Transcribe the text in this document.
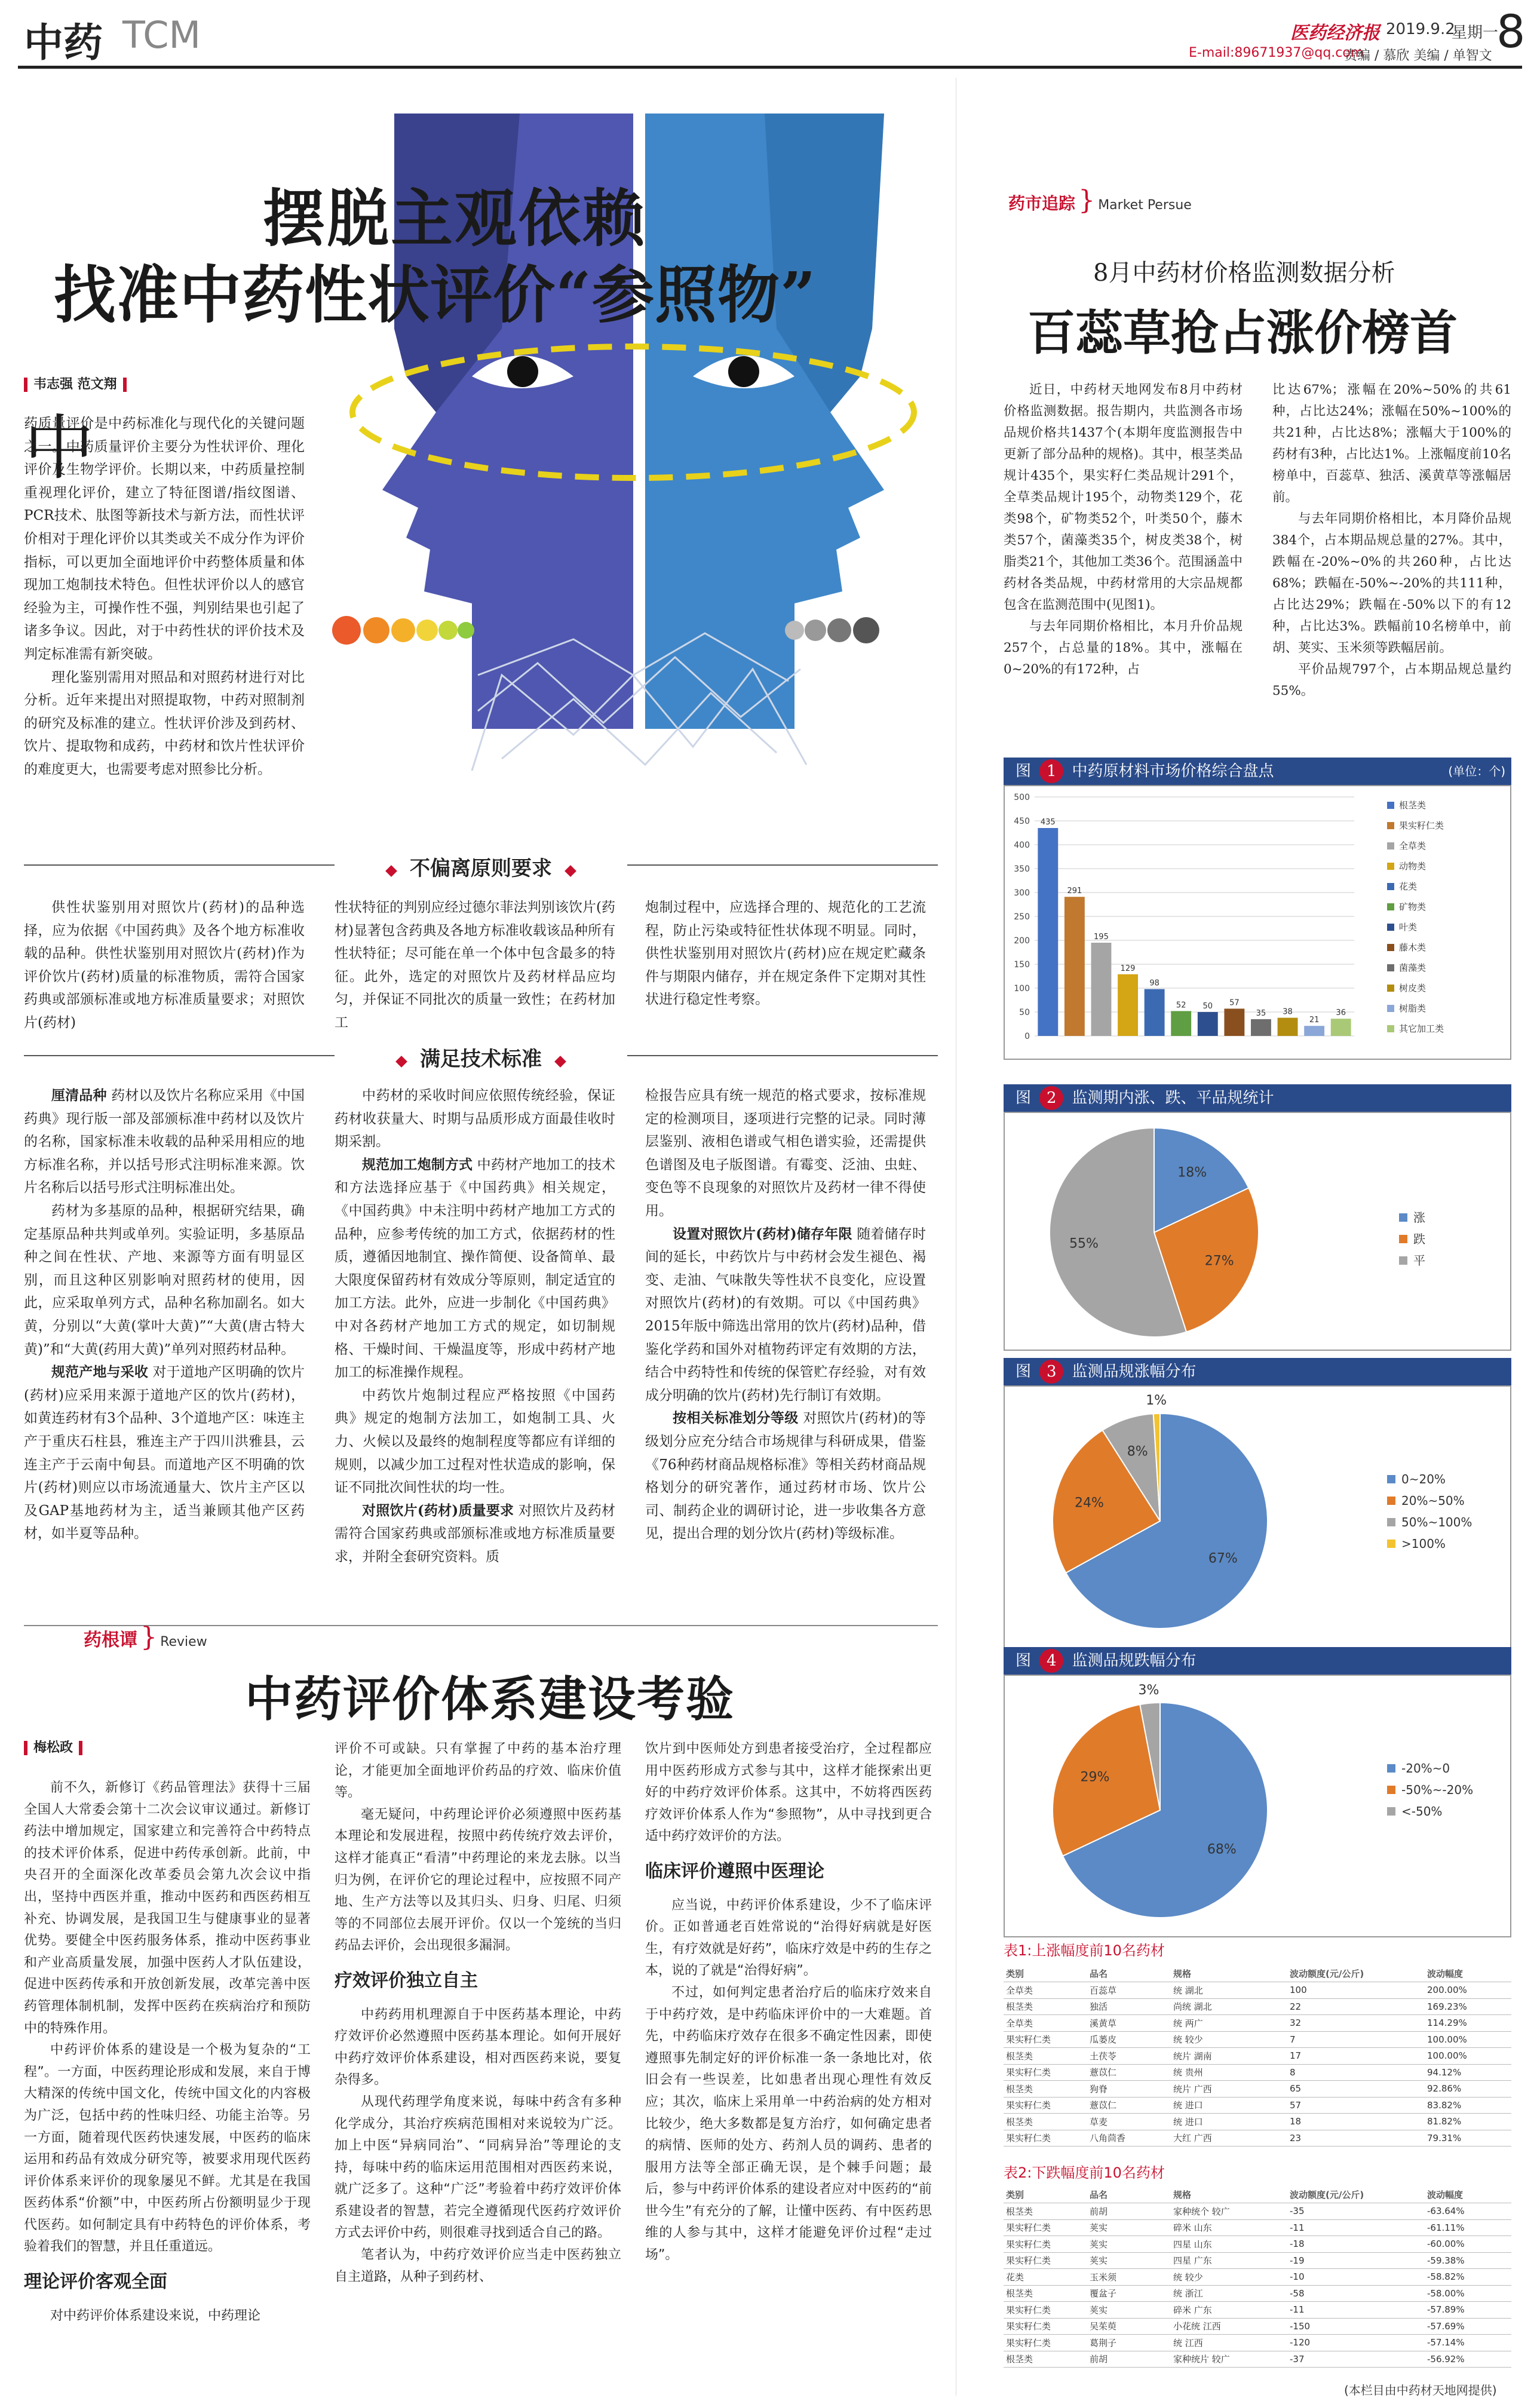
中药 TCM	医药经济报 2019.9.2
星期一
8
E-mail:89671937@qq.com
责编 / 慕欣 美编 / 单智文
摆脱主观依赖
找准中药性状评价“参照物”
韦志强 范文翔
中

药质量评价是中药标准化与现代化的关键问题之一。中药质量评价主要分为性状评价、理化评价及生物学评价。长期以来，中药质量控制重视理化评价，建立了特征图谱/指纹图谱、PCR技术、肽图等新技术与新方法，而性状评价相对于理化评价以其类或关不成分作为评价指标，可以更加全面地评价中药整体质量和体现加工炮制技术特色。但性状评价以人的感官经验为主，可操作性不强，判别结果也引起了诸多争议。因此，对于中药性状的评价技术及判定标准需有新突破。

理化鉴别需用对照品和对照药材进行对比分析。近年来提出对照提取物，中药对照制剂的研究及标准的建立。性状评价涉及到药材、饮片、提取物和成药，中药材和饮片性状评价的难度更大，也需要考虑对照参比分析。

不偏离原则要求

供性状鉴别用对照饮片(药材)的品种选择，应为依据《中国药典》及各个地方标准收载的品种。供性状鉴别用对照饮片(药材)作为评价饮片(药材)质量的标准物质，需符合国家药典或部颁标准或地方标准质量要求；对照饮片(药材)

性状特征的判别应经过德尔菲法判别该饮片(药材)显著包含药典及各地方标准收载该品种所有性状特征；尽可能在单一个体中包含最多的特征。此外，选定的对照饮片及药材样品应均匀，并保证不同批次的质量一致性；在药材加工

炮制过程中，应选择合理的、规范化的工艺流程，防止污染或特征性状体现不明显。同时，供性状鉴别用对照饮片(药材)应在规定贮藏条件与期限内储存，并在规定条件下定期对其性状进行稳定性考察。

满足技术标准

厘清品种 药材以及饮片名称应采用《中国药典》现行版一部及部颁标准中药材以及饮片的名称，国家标准未收载的品种采用相应的地方标准名称，并以括号形式注明标准来源。饮片名称后以括号形式注明标准出处。

药材为多基原的品种，根据研究结果，确定基原品种共判或单列。实验证明，多基原品种之间在性状、产地、来源等方面有明显区别，而且这种区别影响对照药材的使用，因此，应采取单列方式，品种名称加副名。如大黄，分别以“大黄(掌叶大黄)”“大黄(唐古特大黄)”和“大黄(药用大黄)”单列对照药材品种。

规范产地与采收 对于道地产区明确的饮片(药材)应采用来源于道地产区的饮片(药材)，如黄连药材有3个品种、3个道地产区：味连主产于重庆石柱县，雅连主产于四川洪雅县，云连主产于云南中甸县。而道地产区不明确的饮片(药材)则应以市场流通量大、饮片主产区以及GAP基地药材为主，适当兼顾其他产区药材，如半夏等品种。

中药材的采收时间应依照传统经验，保证药材收获量大、时期与品质形成方面最佳收时期采割。

规范加工炮制方式 中药材产地加工的技术和方法选择应基于《中国药典》相关规定，《中国药典》中未注明中药材产地加工方式的品种，应参考传统的加工方式，依据药材的性质，遵循因地制宜、操作简便、设备简单、最大限度保留药材有效成分等原则，制定适宜的加工方法。此外，应进一步制化《中国药典》中对各药材产地加工方式的规定，如切制规格、干燥时间、干燥温度等，形成中药材产地加工的标准操作规程。

中药饮片炮制过程应严格按照《中国药典》规定的炮制方法加工，如炮制工具、火力、火候以及最终的炮制程度等都应有详细的规则，以减少加工过程对性状造成的影响，保证不同批次间性状的均一性。

对照饮片(药材)质量要求 对照饮片及药材需符合国家药典或部颁标准或地方标准质量要求，并附全套研究资料。质

检报告应具有统一规范的格式要求，按标准规定的检测项目，逐项进行完整的记录。同时薄层鉴别、液相色谱或气相色谱实验，还需提供色谱图及电子版图谱。有霉变、泛油、虫蛀、变色等不良现象的对照饮片及药材一律不得使用。

设置对照饮片(药材)储存年限 随着储存时间的延长，中药饮片与中药材会发生褪色、褐变、走油、气味散失等性状不良变化，应设置对照饮片(药材)的有效期。可以《中国药典》2015年版中筛选出常用的饮片(药材)品种，借鉴化学药和国外对植物药评定有效期的方法，结合中药特性和传统的保管贮存经验，对有效成分明确的饮片(药材)先行制订有效期。

按相关标准划分等级 对照饮片(药材)的等级划分应充分结合市场规律与科研成果，借鉴《76种药材商品规格标准》等相关药材商品规格划分的研究著作，通过药材市场、饮片公司、制药企业的调研讨论，进一步收集各方意见，提出合理的划分饮片(药材)等级标准。

药根谭 } Review
中药评价体系建设考验
梅松政

前不久，新修订《药品管理法》获得十三届全国人大常委会第十二次会议审议通过。新修订药法中增加规定，国家建立和完善符合中药特点的技术评价体系，促进中药传承创新。此前，中央召开的全面深化改革委员会第九次会议中指出，坚持中西医并重，推动中医药和西医药相互补充、协调发展，是我国卫生与健康事业的显著优势。要健全中医药服务体系，推动中医药事业和产业高质量发展，加强中医药人才队伍建设，促进中医药传承和开放创新发展，改革完善中医药管理体制机制，发挥中医药在疾病治疗和预防中的特殊作用。

中药评价体系的建设是一个极为复杂的“工程”。一方面，中医药理论形成和发展，来自于博大精深的传统中国文化，传统中国文化的内容极为广泛，包括中药的性味归经、功能主治等。另一方面，随着现代医药快速发展，中医药的临床运用和药品有效成分研究等，被要求用现代医药评价体系来评价的现象屡见不鲜。尤其是在我国医药体系“价额”中，中医药所占份额明显少于现代医药。如何制定具有中药特色的评价体系，考验着我们的智慧，并且任重道远。

理论评价客观全面

对中药评价体系建设来说，中药理论

评价不可或缺。只有掌握了中药的基本治疗理论，才能更加全面地评价药品的疗效、临床价值等。

毫无疑问，中药理论评价必须遵照中医药基本理论和发展进程，按照中药传统疗效去评价，这样才能真正“看清”中药理论的来龙去脉。以当归为例，在评价它的理论过程中，应按照不同产地、生产方法等以及其归头、归身、归尾、归须等的不同部位去展开评价。仅以一个笼统的当归药品去评价，会出现很多漏洞。

疗效评价独立自主

中药药用机理源自于中医药基本理论，中药疗效评价必然遵照中医药基本理论。如何开展好中药疗效评价体系建设，相对西医药来说，要复杂得多。

从现代药理学角度来说，每味中药含有多种化学成分，其治疗疾病范围相对来说较为广泛。加上中医“异病同治”、“同病异治”等理论的支持，每味中药的临床运用范围相对西医药来说，就广泛多了。这种“广泛”考验着中药疗效评价体系建设者的智慧，若完全遵循现代医药疗效评价方式去评价中药，则很难寻找到适合自己的路。

笔者认为，中药疗效评价应当走中医药独立自主道路，从种子到药材、

饮片到中医师处方到患者接受治疗，全过程都应用中医药形成方式参与其中，这样才能探索出更好的中药疗效评价体系。这其中，不妨将西医药疗效评价体系人作为“参照物”，从中寻找到更合适中药疗效评价的方法。

临床评价遵照中医理论

应当说，中药评价体系建设，少不了临床评价。正如普通老百姓常说的“治得好病就是好医生，有疗效就是好药”，临床疗效是中药的生存之本，说的了就是“治得好病”。

不过，如何判定患者治疗后的临床疗效来自于中药疗效，是中药临床评价中的一大难题。首先，中药临床疗效存在很多不确定性因素，即使遵照事先制定好的评价标准一条一条地比对，依旧会有一些误差，比如患者出现心理性有效反应；其次，临床上采用单一中药治病的处方相对比较少，绝大多数都是复方治疗，如何确定患者的病情、医师的处方、药剂人员的调药、患者的服用方法等全部正确无误，是个棘手问题；最后，参与中药评价体系的建设者应对中医药的“前世今生”有充分的了解，让懂中医药、有中医药思维的人参与其中，这样才能避免评价过程“走过场”。

药市追踪 } Market Persue
8月中药材价格监测数据分析
百蕊草抢占涨价榜首

近日，中药材天地网发布8月中药材价格监测数据。报告期内，共监测各市场品规价格共1437个(本期年度监测报告中更新了部分品种的规格)。其中，根茎类品规计435个，果实籽仁类品规计291个，全草类品规计195个，动物类129个，花类98个，矿物类52个，叶类50个，藤木类57个，菌藻类35个，树皮类38个，树脂类21个，其他加工类36个。范围涵盖中药材各类品规，中药材常用的大宗品规都包含在监测范围中(见图1)。

与去年同期价格相比，本月升价品规257个，占总量的18%。其中，涨幅在0~20%的有172种，占

比达67%；涨幅在20%~50%的共61种，占比达24%；涨幅在50%~100%的共21种，占比达8%；涨幅大于100%的药材有3种，占比达1%。上涨幅度前10名榜单中，百蕊草、独活、溪黄草等涨幅居前。

与去年同期价格相比，本月降价品规384个，占本期品规总量的27%。其中，跌幅在-20%~0%的共260种，占比达68%；跌幅在-50%~-20%的共111种，占比达29%；跌幅在-50%以下的有12种，占比达3%。跌幅前10名榜单中，前胡、荚实、玉米须等跌幅居前。

平价品规797个，占本期品规总量约55%。

图 1 中药原材料市场价格综合盘点	(单位：个)
0
50
100
150
200
250
300
350
400
450
500
435
291
195
129
98
52 50 57
35 38
21
36
根茎类
果实籽仁类
全草类
动物类
花类
矿物类
叶类
藤木类
菌藻类
树皮类
树脂类
其它加工类
图 2 监测期内涨、跌、平品规统计
18%
27%
55%
涨
跌
平
图 3 监测品规涨幅分布
67%
24%
8%
1%
0~20%
20%~50%
50%~100%
>100%
图 4 监测品规跌幅分布
68%
29%
3%
-20%~0
-50%~-20%
<-50%
表1:上涨幅度前10名药材
类别	品名	规格	波动额度(元/公斤)	波动幅度
全草类	百蕊草	统 湖北	100	200.00%
根茎类	独活	尚统 湖北	22	169.23%
全草类	溪黄草	统 两广	32	114.29%
果实籽仁类	瓜蒌皮	统 较少	7	100.00%
根茎类	土茯苓	统片 湖南	17	100.00%
果实籽仁类	薏苡仁	统 贵州	8	94.12%
根茎类	狗脊	统片 广西	65	92.86%
果实籽仁类	薏苡仁	统 进口	57	83.82%
根茎类	草麦	统 进口	18	81.82%
果实籽仁类	八角茴香	大红 广西	23	79.31%
表2:下跌幅度前10名药材
类别	品名	规格	波动额度(元/公斤)	波动幅度
根茎类	前胡	家种统个 较广	-35	-63.64%
果实籽仁类	荚实	碎米 山东	-11	-61.11%
果实籽仁类	荚实	四星 山东	-18	-60.00%
果实籽仁类	荚实	四星 广东	-19	-59.38%
花类	玉米须	统 较少	-10	-58.82%
根茎类	覆盆子	统 浙江	-58	-58.00%
果实籽仁类	荚实	碎米 广东	-11	-57.89%
果实籽仁类	吴茱萸	小花统 江西	-150	-57.69%
果实籽仁类	葛荆子	统 江西	-120	-57.14%
根茎类	前胡	家种统片 较广	-37	-56.92%
(本栏目由中药材天地网提供)
